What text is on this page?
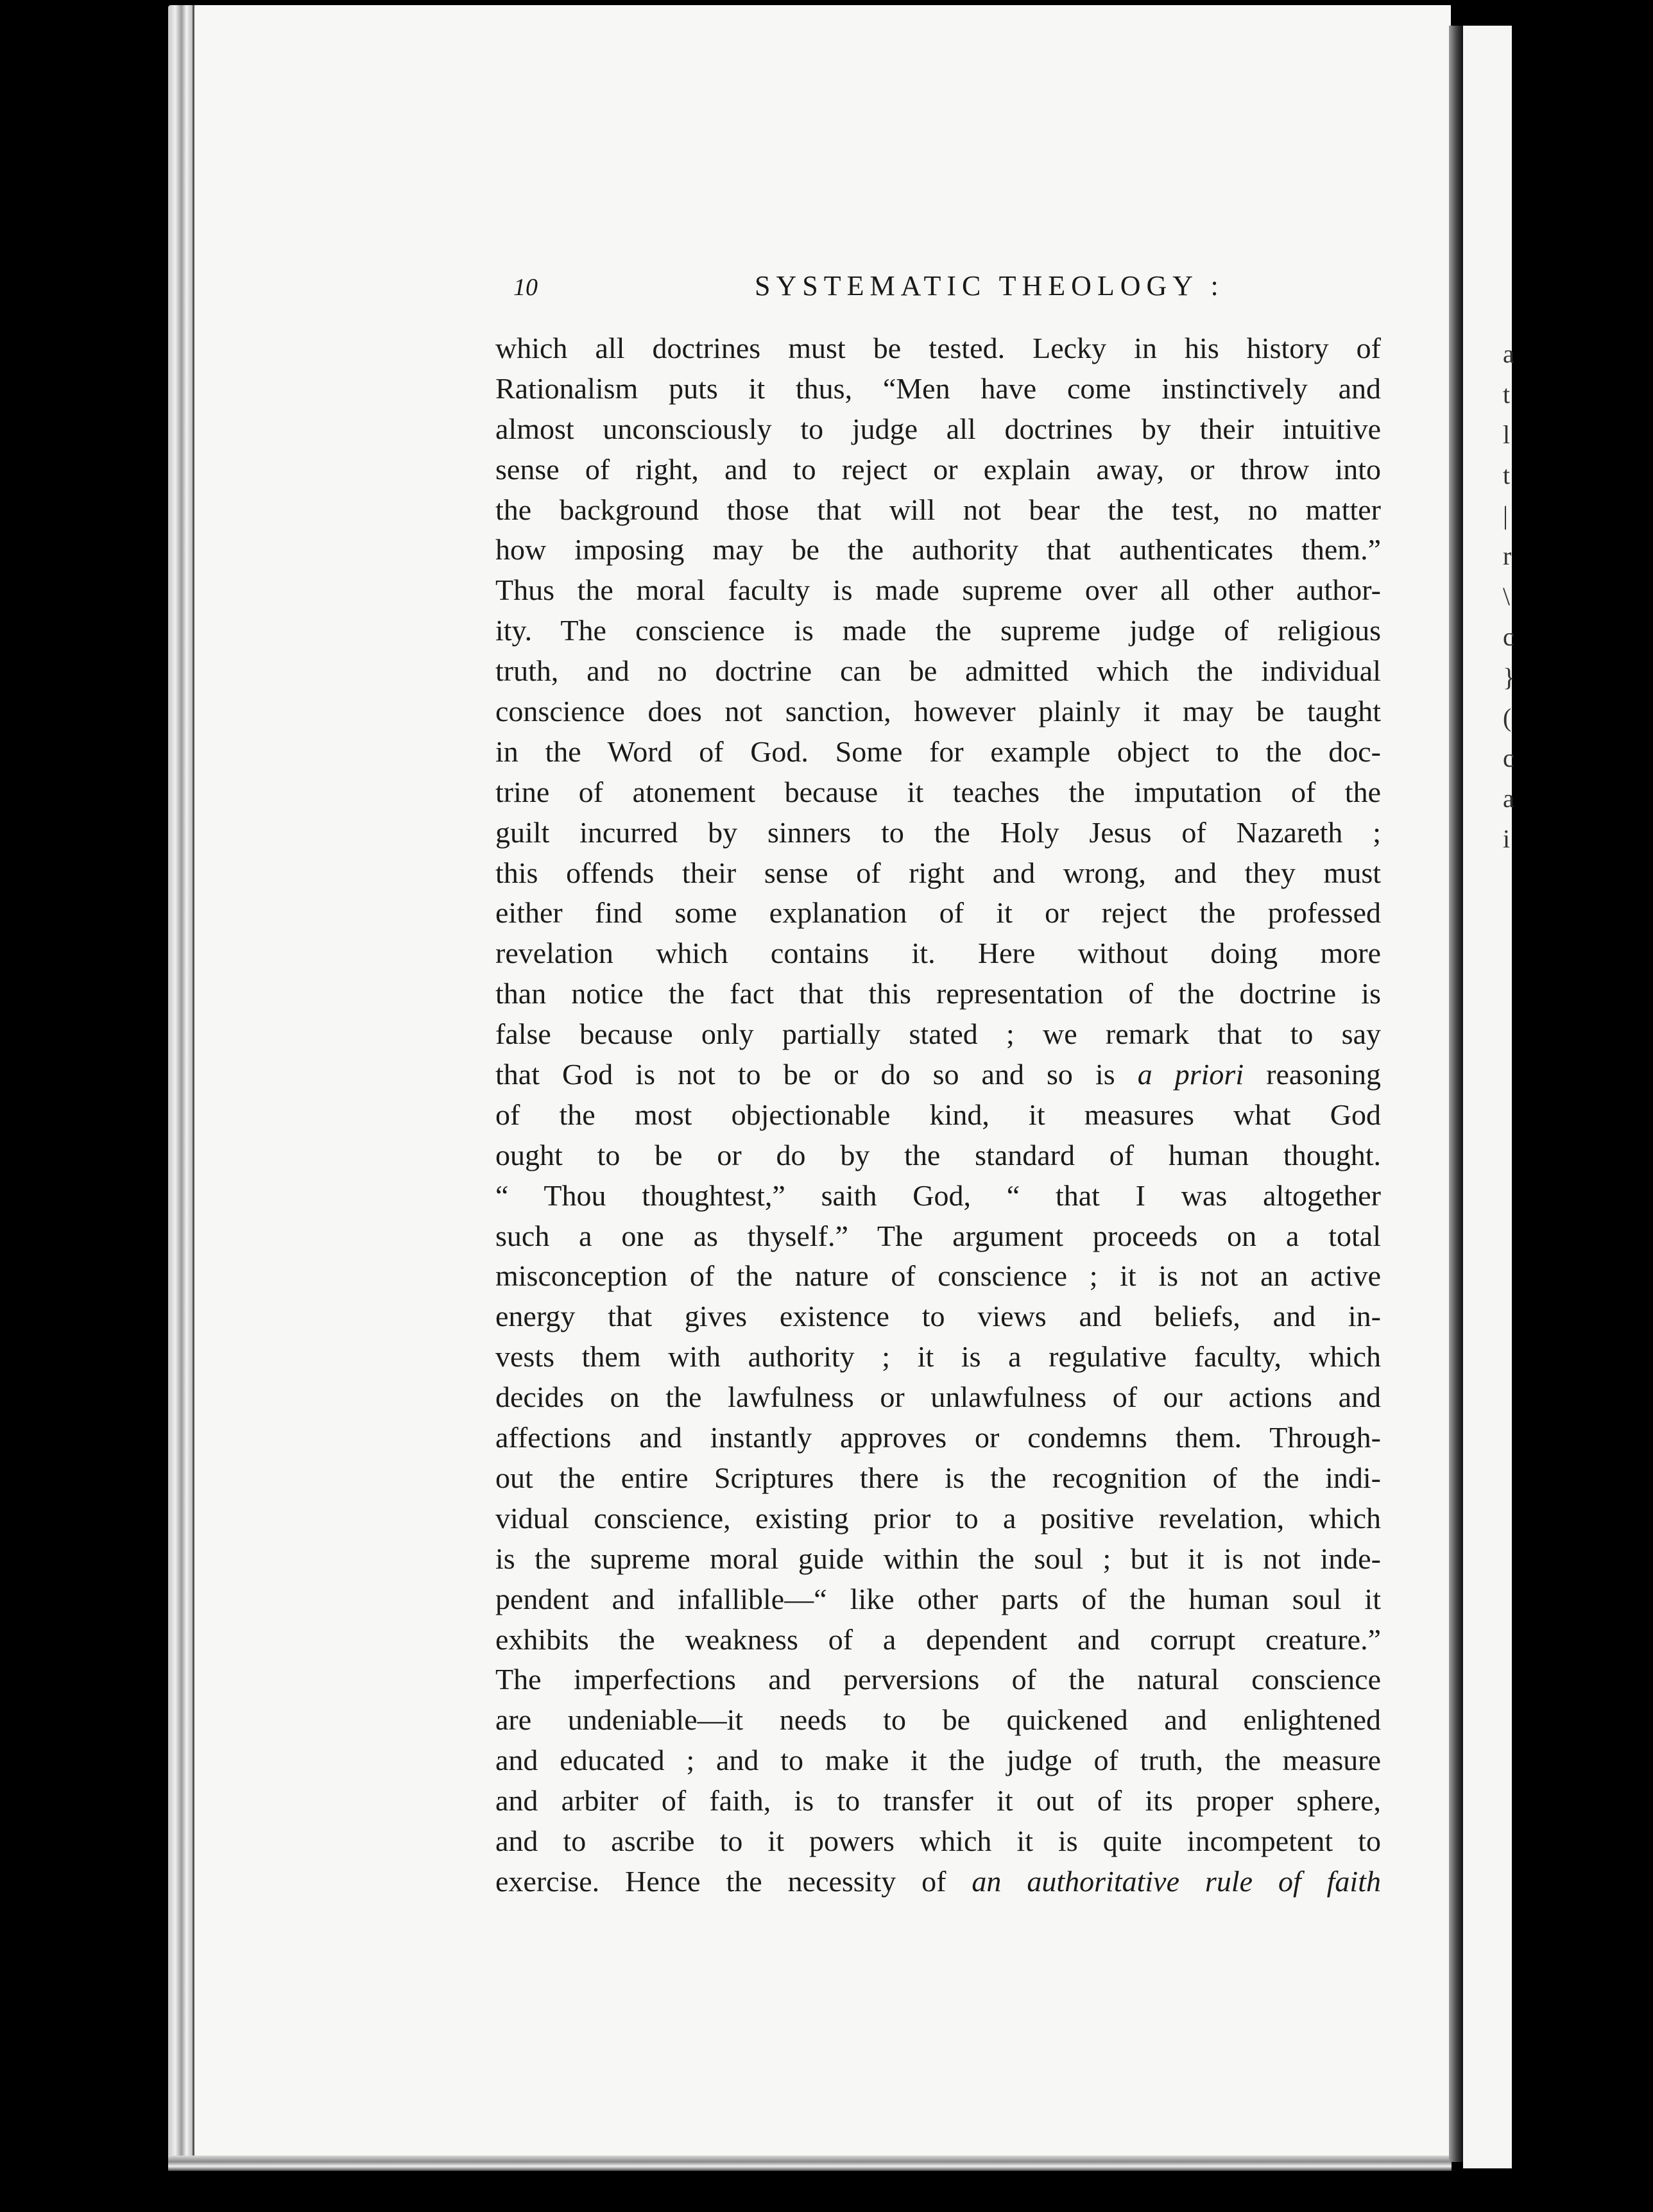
a
t
l
t
|
r
\
c
}
(
c
a
i
10	SYSTEMATIC THEOLOGY :
which all doctrines must be tested. Lecky in his history of
Rationalism puts it thus, “Men have come instinctively and
almost unconsciously to judge all doctrines by their intuitive
sense of right, and to reject or explain away, or throw into
the background those that will not bear the test, no matter
how imposing may be the authority that authenticates them.”
Thus the moral faculty is made supreme over all other author-
ity. The conscience is made the supreme judge of religious
truth, and no doctrine can be admitted which the individual
conscience does not sanction, however plainly it may be taught
in the Word of God. Some for example object to the doc-
trine of atonement because it teaches the imputation of the
guilt incurred by sinners to the Holy Jesus of Nazareth ;
this offends their sense of right and wrong, and they must
either find some explanation of it or reject the professed
revelation which contains it. Here without doing more
than notice the fact that this representation of the doctrine is
false because only partially stated ; we remark that to say
that God is not to be or do so and so is a priori reasoning
of the most objectionable kind, it measures what God
ought to be or do by the standard of human thought.
“ Thou thoughtest,” saith God, “ that I was altogether
such a one as thyself.” The argument proceeds on a total
misconception of the nature of conscience ; it is not an active
energy that gives existence to views and beliefs, and in-
vests them with authority ; it is a regulative faculty, which
decides on the lawfulness or unlawfulness of our actions and
affections and instantly approves or condemns them. Through-
out the entire Scriptures there is the recognition of the indi-
vidual conscience, existing prior to a positive revelation, which
is the supreme moral guide within the soul ; but it is not inde-
pendent and infallible—“ like other parts of the human soul it
exhibits the weakness of a dependent and corrupt creature.”
The imperfections and perversions of the natural conscience
are undeniable—it needs to be quickened and enlightened
and educated ; and to make it the judge of truth, the measure
and arbiter of faith, is to transfer it out of its proper sphere,
and to ascribe to it powers which it is quite incompetent to
exercise. Hence the necessity of an authoritative rule of faith
